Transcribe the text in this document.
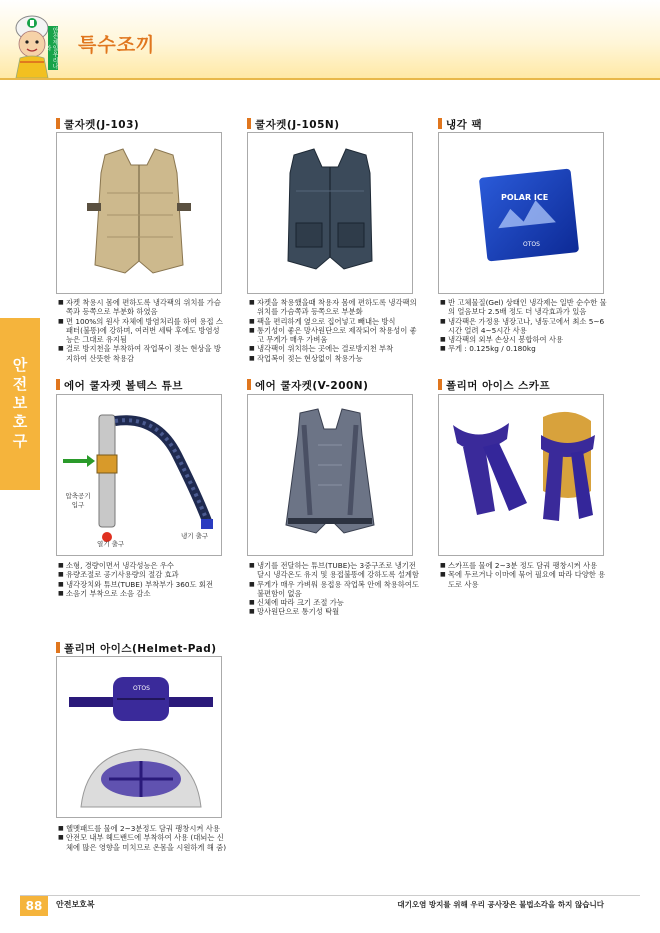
안전제일우리나라	특수조끼
안전보호구
쿨자켓(J-103)
■ 자켓 착용시 몸에 편하도록 냉각팩의 위치를 가슴쪽과 등쪽으로 부분화 하였음
■ 면 100%의 원사 자체에 방염처리를 하여 용접 스패터(불똥)에 강하며, 여러번 세탁 후에도 방염성능은 그대로 유지됨
■ 결로 방지천을 부착하여 작업복이 젖는 현상을 방지하여 산뜻한 착용감
쿨자켓(J-105N)
■ 자켓을 착용했을때 착용자 몸에 편하도록 냉각팩의 위치를 가슴쪽과 등쪽으로 부분화
■ 팩을 편리하게 옆으로 집어넣고 빼내는 방식
■ 통기성이 좋은 망사원단으로 제작되어 착용성이 좋고 무게가 매우 가벼움
■ 냉각팩이 위치하는 곳에는 결로방지천 부착
■ 작업복이 젖는 현상없이 착용가능
냉각 팩
POLAR ICE
OTOS
■ 반 고체물질(Gel) 상태인 냉각제는 일반 순수한 물의 얼음보다 2.5배 정도 더 냉각효과가 있음
■ 냉각팩은 가정용 냉장고나, 냉동고에서 최소 5~6시간 얼려 4~5시간 사용
■ 냉각팩의 외부 손상시 봉합하여 사용
■ 무게 : 0.125kg / 0.180kg
에어 쿨자켓 볼텍스 튜브
압축공기 입구
열기 출구
냉기 출구
■ 소형, 경량이면서 냉각성능은 우수
■ 유량조절로 공기사용량의 절감 효과
■ 냉각장치와 튜브(TUBE) 부착부가 360도 회전
■ 소음기 부착으로 소음 감소
에어 쿨자켓(V-200N)
■ 냉기를 전달하는 튜브(TUBE)는 3중구조로 냉기전달시 냉각온도 유지 및 용접불똥에 강하도록 설계함
■ 무게가 매우 가벼워 용접용 작업복 안에 착용하여도 불편함이 없음
■ 신체에 따라 크기 조절 가능
■ 망사원단으로 통기성 탁월
폴리머 아이스 스카프
■ 스카프를 물에 2~3분 정도 담궈 팽창시켜 사용
■ 목에 두르거나 이마에 묶어 필요에 따라 다양한 용도로 사용
폴리머 아이스(Helmet-Pad)
OTOS
■ 헬멧패드를 물에 2~3분정도 담궈 팽창시켜 사용
■ 안전모 내부 헤드밴드에 부착하여 사용 (대뇌는 신체에 많은 영향을 미치므로 온몸을 시원하게 해 줌)
88	안전보호복	대기오염 방지를 위해 우리 공사장은 불법소각을 하지 않습니다
